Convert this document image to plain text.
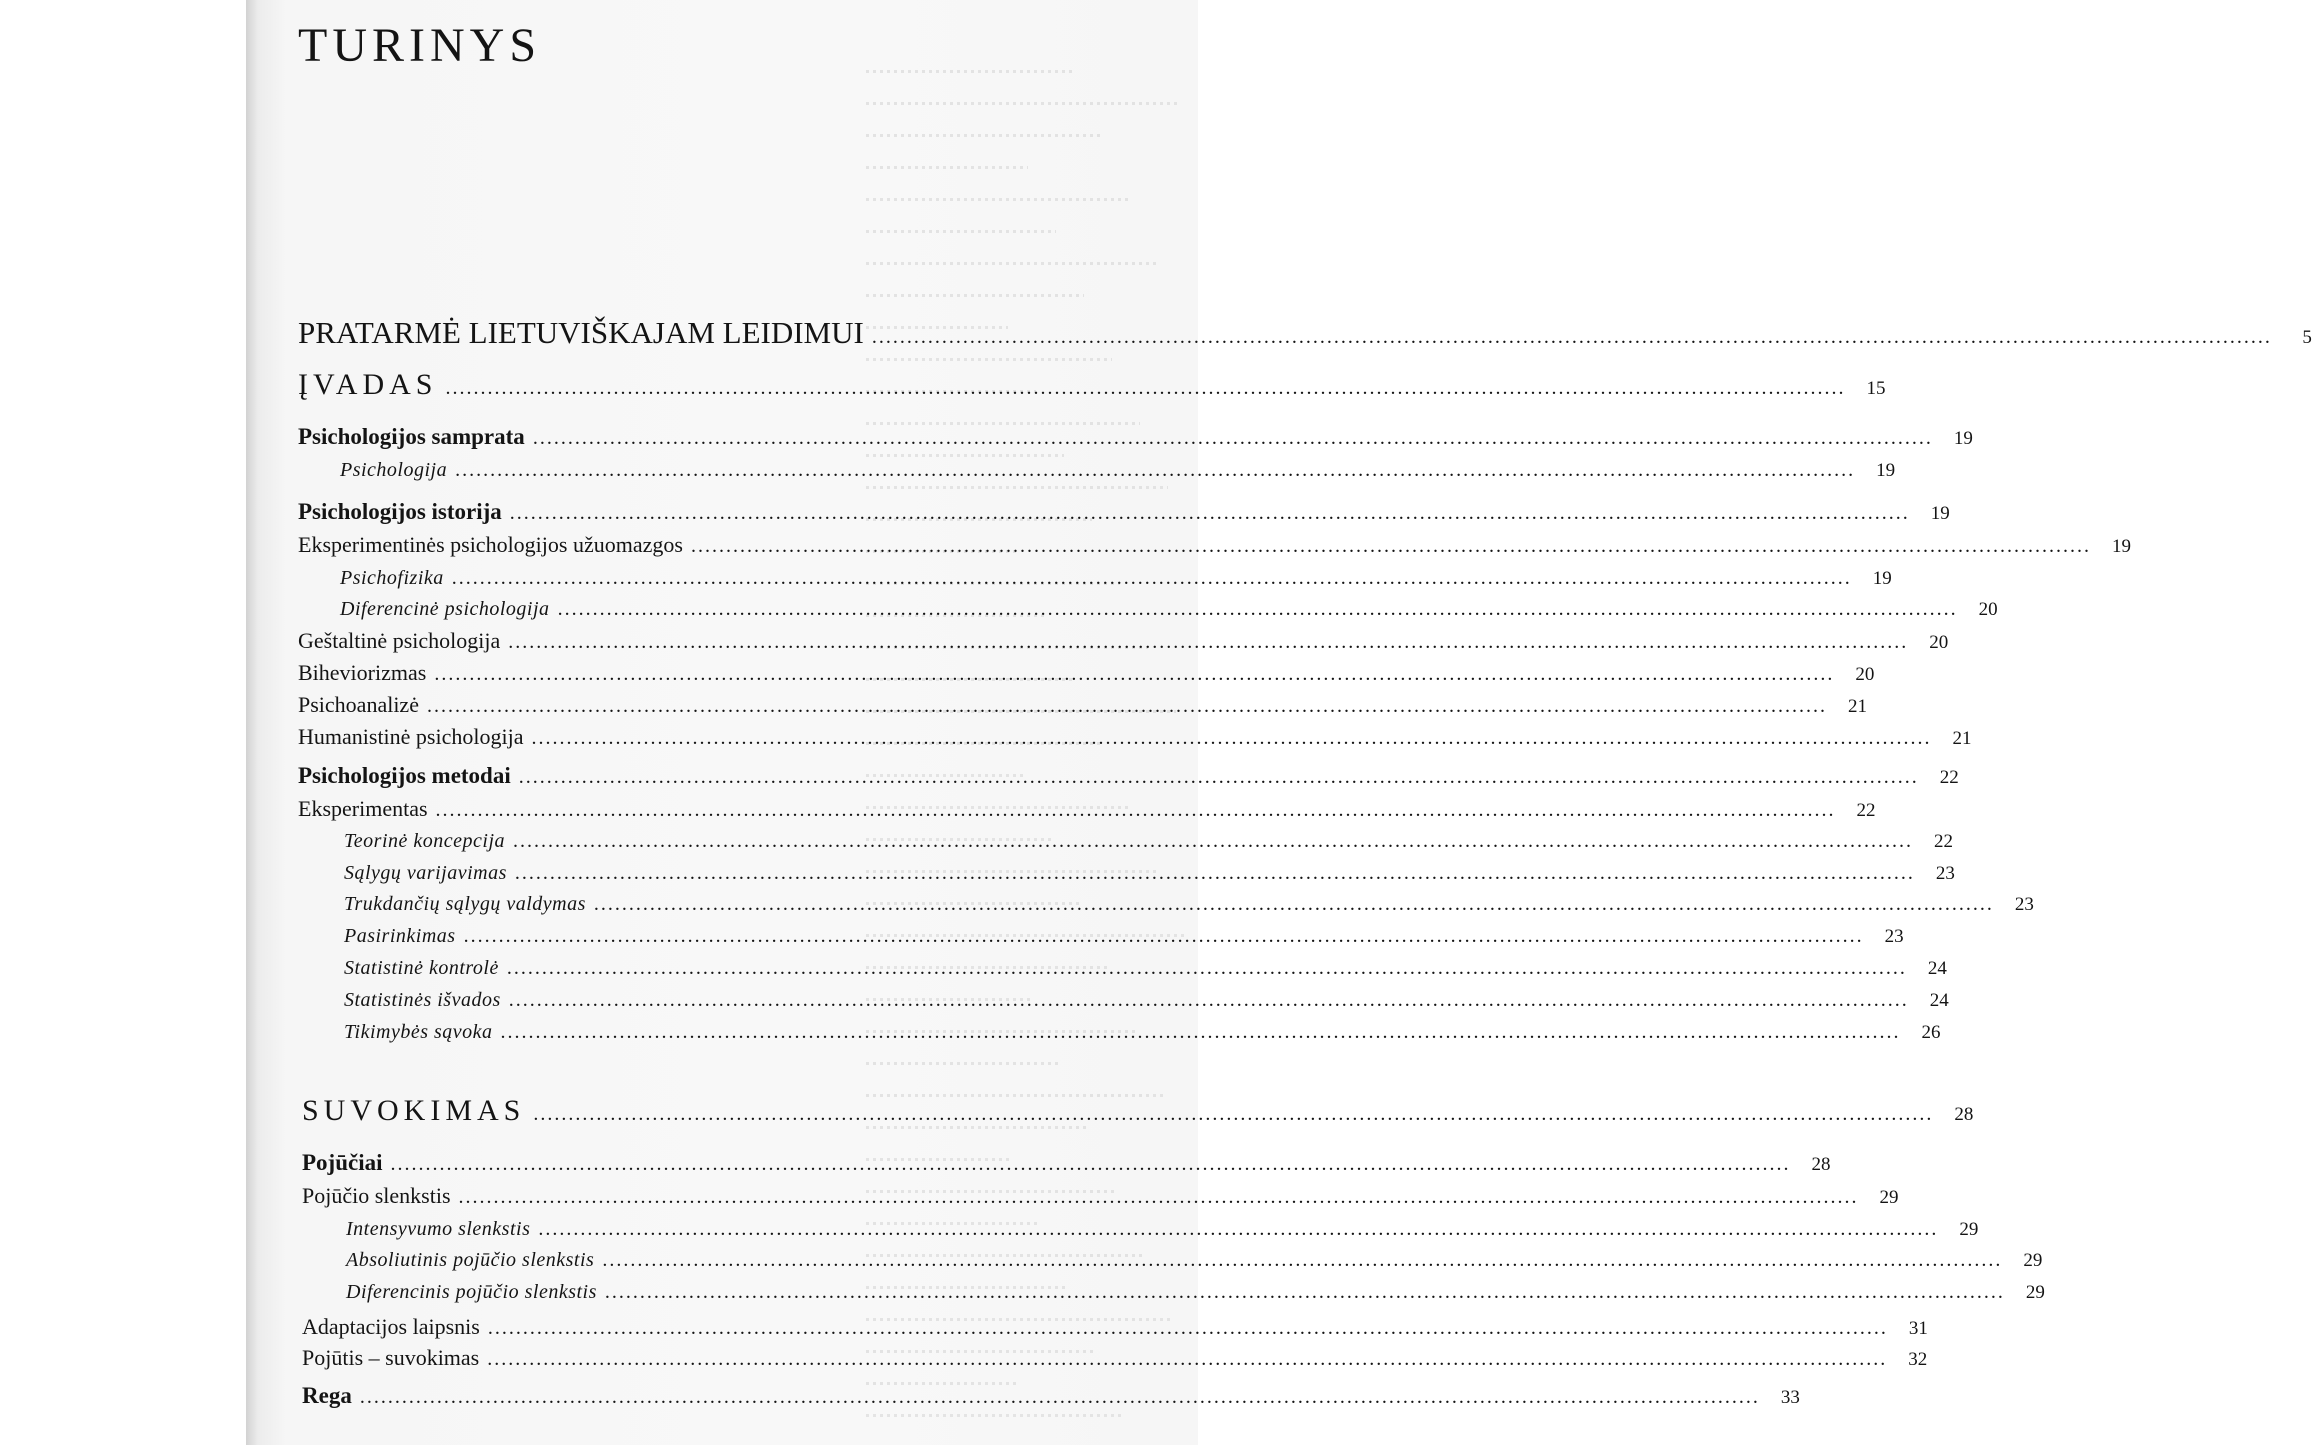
TURINYS
PRATARMĖ LIETUVIŠKAJAM LEIDIMUI ........................................................................................................................................................................................................	5
ĮVADAS ........................................................................................................................................................................................................	15
Psichologijos samprata ........................................................................................................................................................................................................	19
Psichologija ........................................................................................................................................................................................................	19
Psichologijos istorija ........................................................................................................................................................................................................	19
Eksperimentinės psichologijos užuomazgos ........................................................................................................................................................................................................	19
Psichofizika ........................................................................................................................................................................................................	19
Diferencinė psichologija ........................................................................................................................................................................................................	20
Geštaltinė psichologija ........................................................................................................................................................................................................	20
Biheviorizmas ........................................................................................................................................................................................................	20
Psichoanalizė ........................................................................................................................................................................................................	21
Humanistinė psichologija ........................................................................................................................................................................................................	21
Psichologijos metodai ........................................................................................................................................................................................................	22
Eksperimentas ........................................................................................................................................................................................................	22
Teorinė koncepcija ........................................................................................................................................................................................................	22
Sąlygų varijavimas ........................................................................................................................................................................................................	23
Trukdančių sąlygų valdymas ........................................................................................................................................................................................................	23
Pasirinkimas ........................................................................................................................................................................................................	23
Statistinė kontrolė ........................................................................................................................................................................................................	24
Statistinės išvados ........................................................................................................................................................................................................	24
Tikimybės sąvoka ........................................................................................................................................................................................................	26
SUVOKIMAS ........................................................................................................................................................................................................	28
Pojūčiai ........................................................................................................................................................................................................	28
Pojūčio slenkstis ........................................................................................................................................................................................................	29
Intensyvumo slenkstis ........................................................................................................................................................................................................	29
Absoliutinis pojūčio slenkstis ........................................................................................................................................................................................................	29
Diferencinis pojūčio slenkstis ........................................................................................................................................................................................................	29
Adaptacijos laipsnis ........................................................................................................................................................................................................	31
Pojūtis – suvokimas ........................................................................................................................................................................................................	32
Rega ........................................................................................................................................................................................................	33
